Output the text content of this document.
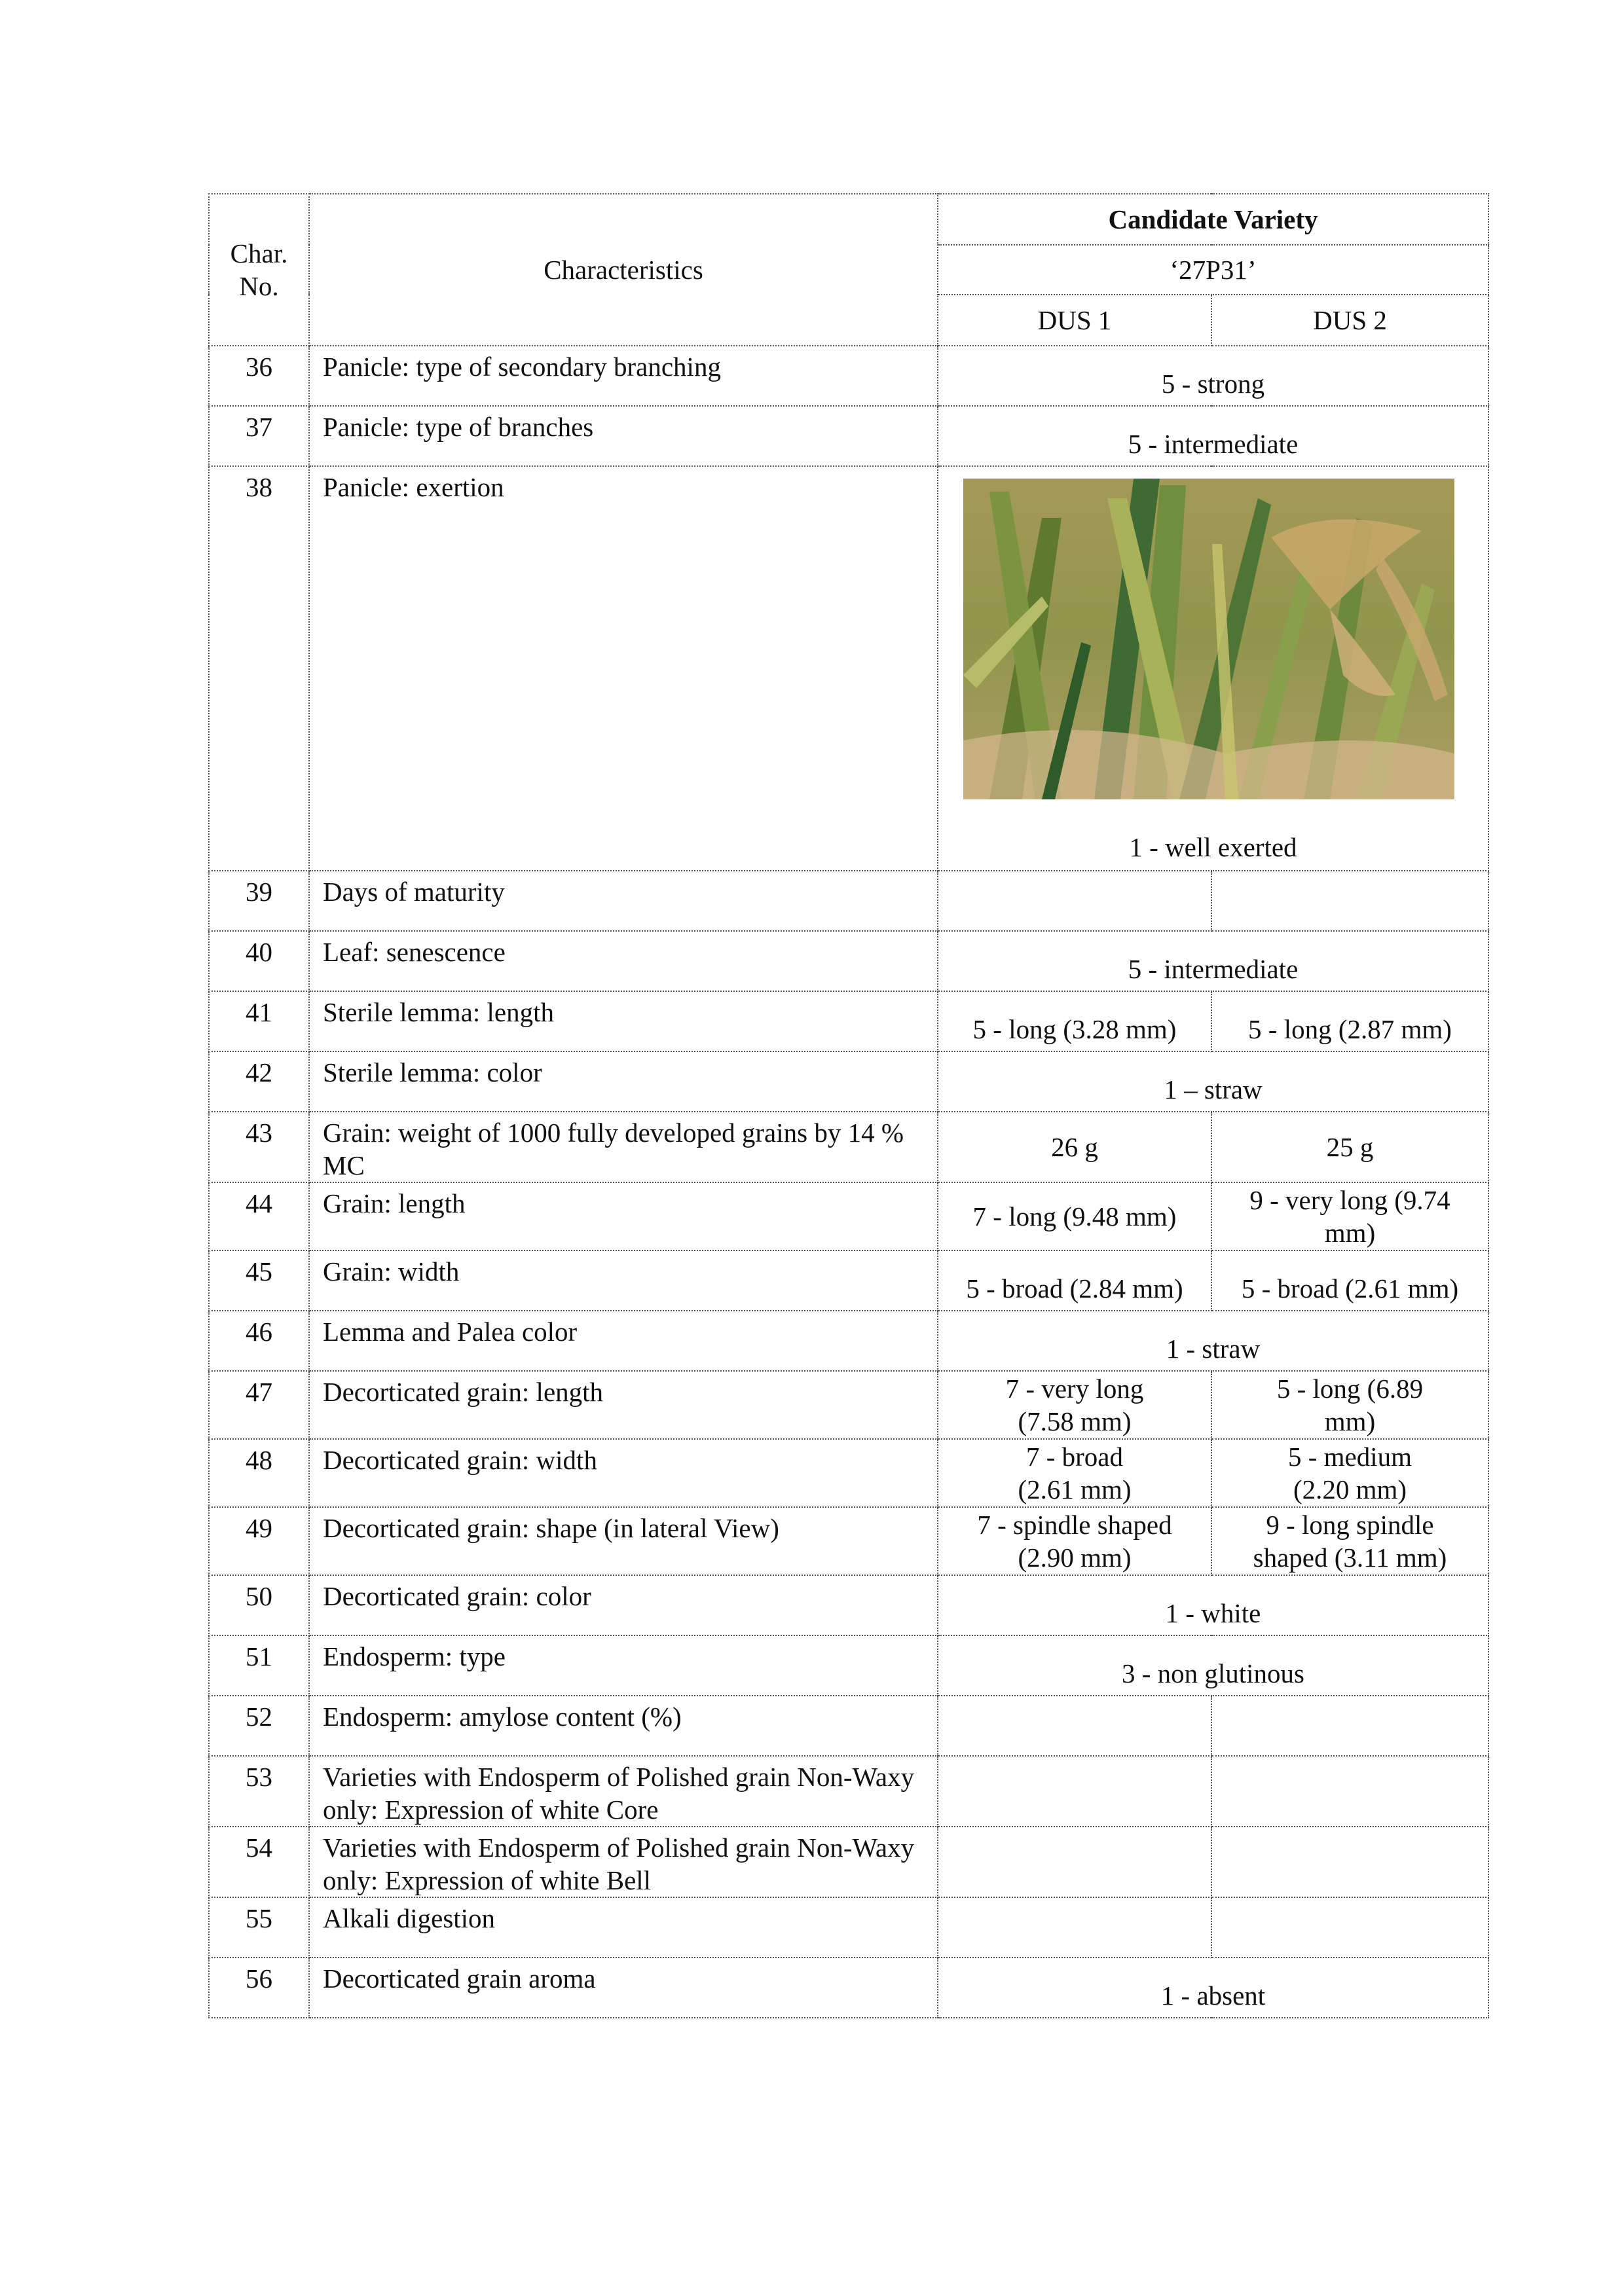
Char. No.	Characteristics	Candidate Variety	
		‘27P31’	
		DUS 1	DUS 2
36	Panicle: type of secondary branching	5 - strong	
37	Panicle: type of branches	5 - intermediate	
38	Panicle: exertion	1 - well exerted	

39	Days of maturity		
40	Leaf: senescence	5 - intermediate	
41	Sterile lemma: length	5 - long (3.28 mm)	5 - long (2.87 mm)
42	Sterile lemma: color	1 – straw	
43	Grain: weight of 1000 fully developed grains by 14 % MC	26 g	25 g
44	Grain: length	7 - long (9.48 mm)	9 - very long (9.74 mm)
45	Grain: width	5 - broad (2.84 mm)	5 - broad (2.61 mm)
46	Lemma and Palea color	1 - straw	
47	Decorticated grain: length	7 - very long (7.58 mm)	5 - long (6.89 mm)
48	Decorticated grain: width	7 - broad (2.61 mm)	5 - medium (2.20 mm)
49	Decorticated grain: shape (in lateral View)	7 - spindle shaped (2.90 mm)	9 - long spindle shaped (3.11 mm)
50	Decorticated grain: color	1 - white	
51	Endosperm: type	3 - non glutinous	
52	Endosperm: amylose content (%)		
53	Varieties with Endosperm of Polished grain Non-Waxy only: Expression of white Core		
54	Varieties with Endosperm of Polished grain Non-Waxy only: Expression of white Bell		
55	Alkali digestion		
56	Decorticated grain aroma	1 - absent	
